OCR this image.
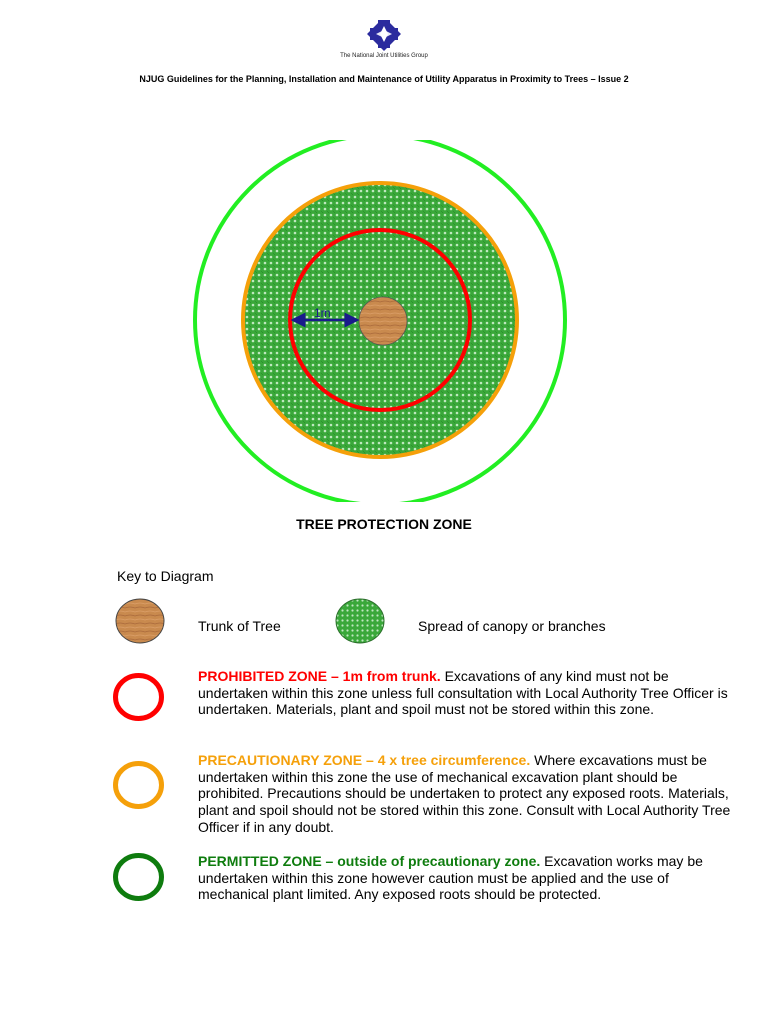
The National Joint Utilities Group
NJUG Guidelines for the Planning, Installation and Maintenance of Utility Apparatus in Proximity to Trees – Issue 2
1m
TREE PROTECTION ZONE
Key to Diagram
Trunk of Tree	Spread of canopy or branches
PROHIBITED ZONE – 1m from trunk. Excavations of any kind must not be undertaken within this zone unless full consultation with Local Authority Tree Officer is undertaken. Materials, plant and spoil must not be stored within this zone.
PRECAUTIONARY ZONE – 4 x tree circumference. Where excavations must be undertaken within this zone the use of mechanical excavation plant should be prohibited. Precautions should be undertaken to protect any exposed roots. Materials, plant and spoil should not be stored within this zone. Consult with Local Authority Tree Officer if in any doubt.
PERMITTED ZONE – outside of precautionary zone. Excavation works may be undertaken within this zone however caution must be applied and the use of mechanical plant limited. Any exposed roots should be protected.
